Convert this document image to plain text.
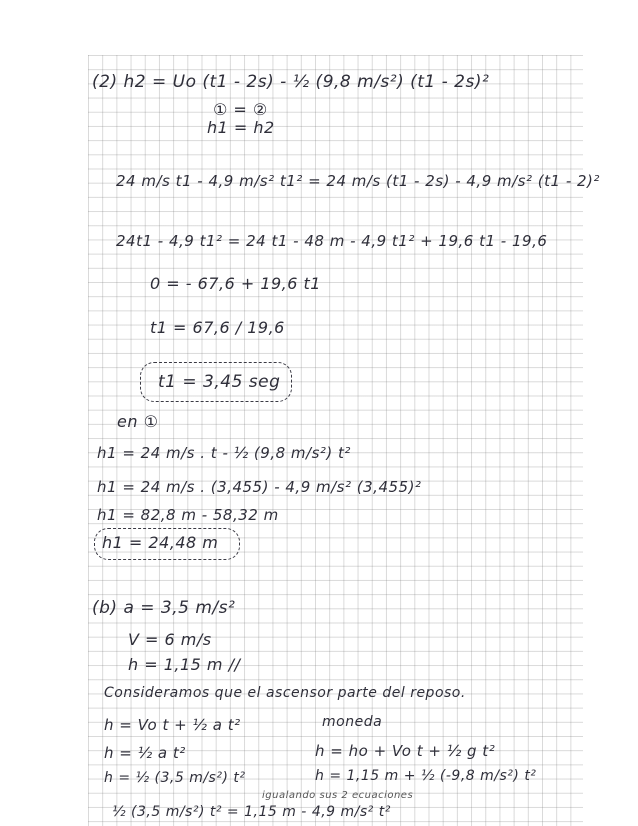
(2) h2 = Uo (t1 - 2s) - ½ (9,8 m/s²) (t1 - 2s)²
① = ②
h1 = h2
24 m/s t1 - 4,9 m/s² t1² = 24 m/s (t1 - 2s) - 4,9 m/s² (t1 - 2)²
24t1 - 4,9 t1² = 24 t1 - 48 m - 4,9 t1² + 19,6 t1 - 19,6
0 = - 67,6 + 19,6 t1
t1 = 67,6 / 19,6
t1 = 3,45 seg
en ①
h1 = 24 m/s . t - ½ (9,8 m/s²) t²
h1 = 24 m/s . (3,455) - 4,9 m/s² (3,455)²
h1 = 82,8 m - 58,32 m
h1 = 24,48 m
(b) a = 3,5 m/s²
V = 6 m/s
h = 1,15 m //
Consideramos que el ascensor parte del reposo.
h = Vo t + ½ a t²	moneda
h = ½ a t²	h = ho + Vo t + ½ g t²
h = ½ (3,5 m/s²) t²	h = 1,15 m + ½ (-9,8 m/s²) t²
igualando sus 2 ecuaciones
½ (3,5 m/s²) t² = 1,15 m - 4,9 m/s² t²
